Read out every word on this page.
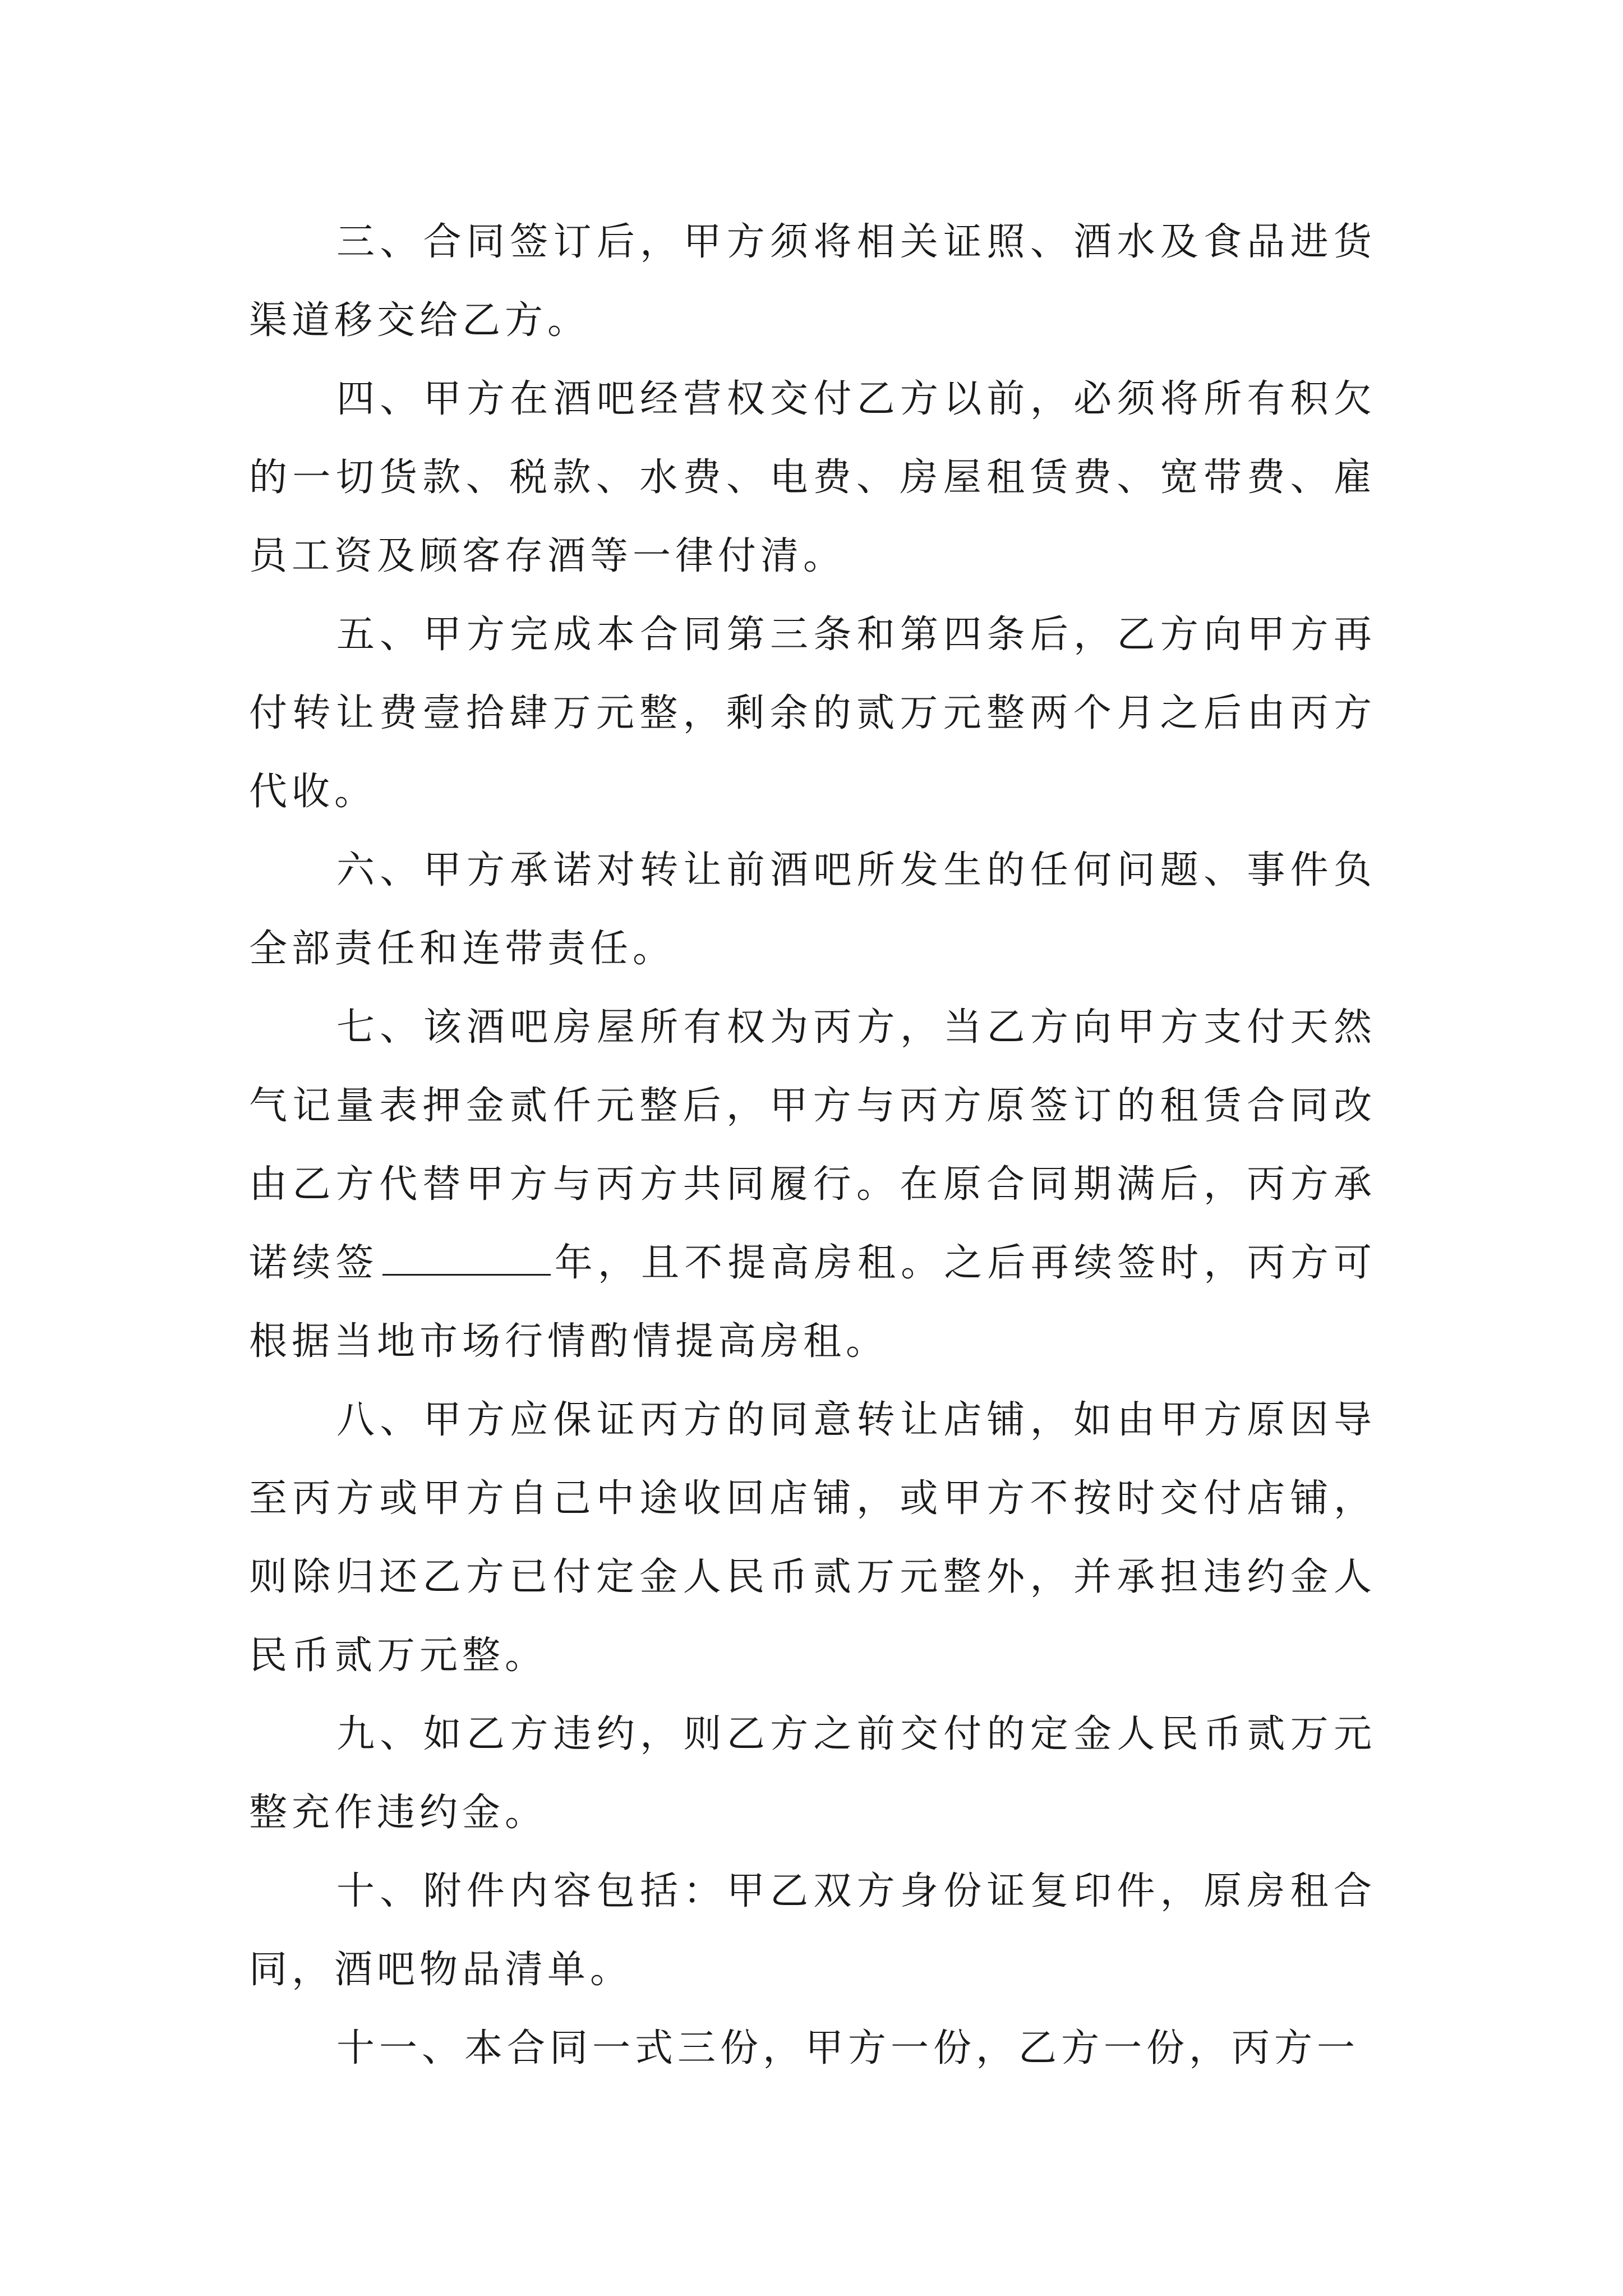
三、合同签订后，甲方须将相关证照、酒水及食品进货渠道移交给乙方。

四、甲方在酒吧经营权交付乙方以前，必须将所有积欠的一切货款、税款、水费、电费、房屋租赁费、宽带费、雇员工资及顾客存酒等一律付清。

五、甲方完成本合同第三条和第四条后，乙方向甲方再付转让费壹拾肆万元整，剩余的贰万元整两个月之后由丙方代收。

六、甲方承诺对转让前酒吧所发生的任何问题、事件负全部责任和连带责任。

七、该酒吧房屋所有权为丙方，当乙方向甲方支付天然气记量表押金贰仟元整后，甲方与丙方原签订的租赁合同改由乙方代替甲方与丙方共同履行。在原合同期满后，丙方承诺续签	年，且不提高房租。之后再续签时，丙方可根据当地市场行情酌情提高房租。

八、甲方应保证丙方的同意转让店铺，如由甲方原因导至丙方或甲方自己中途收回店铺，或甲方不按时交付店铺，则除归还乙方已付定金人民币贰万元整外，并承担违约金人民币贰万元整。

九、如乙方违约，则乙方之前交付的定金人民币贰万元整充作违约金。

十、附件内容包括：甲乙双方身份证复印件，原房租合同，酒吧物品清单。

十一、本合同一式三份，甲方一份，乙方一份，丙方一
